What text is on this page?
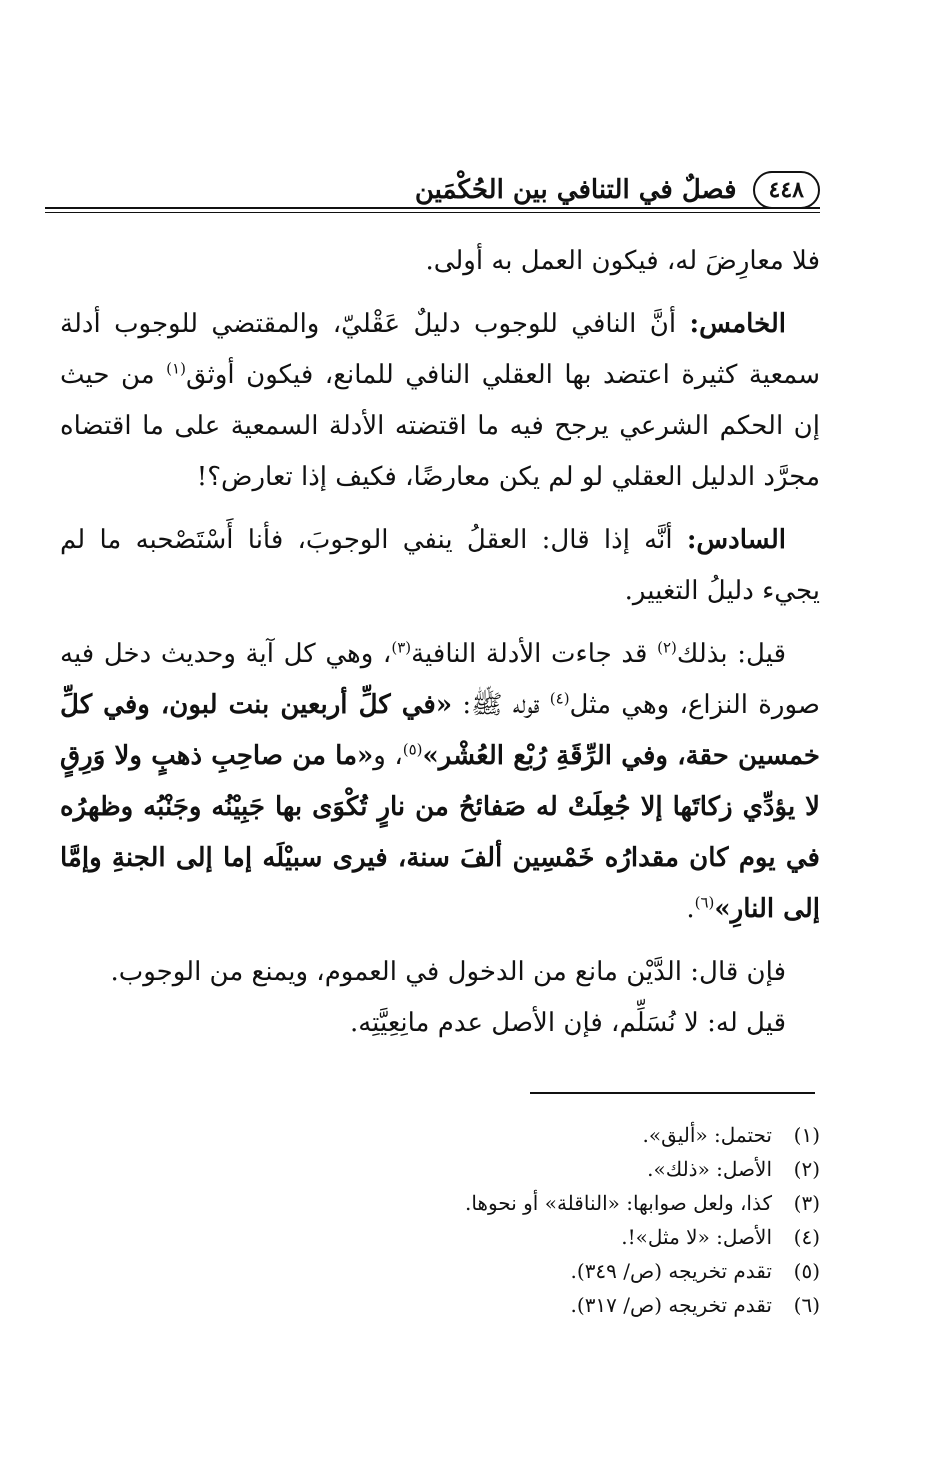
٤٤٨
فصلٌ في التنافي بين الحُكْمَين

فلا معارِضَ له، فيكون العمل به أولى.

الخامس: أنَّ النافي للوجوب دليلٌ عَقْليّ، والمقتضي للوجوب أدلة سمعية كثيرة اعتضد بها العقلي النافي للمانع، فيكون أوثق$^{(١)}$ من حيث إن الحكم الشرعي يرجح فيه ما اقتضته الأدلة السمعية على ما اقتضاه مجرَّد الدليل العقلي لو لم يكن معارضًا، فكيف إذا تعارض؟!

السادس: أنَّه إذا قال: العقلُ ينفي الوجوبَ، فأنا أَسْتَصْحبه ما لم يجيء دليلُ التغيير.

قيل: بذلك$^{(٢)}$ قد جاءت الأدلة النافية$^{(٣)}$، وهي كل آية وحديث دخل فيه صورة النزاع، وهي مثل$^{(٤)}$ قوله ﷺ: «في كلِّ أربعين بنت لبون، وفي كلِّ خمسين حقة، وفي الرِّقَةِ رُبْع العُشْر»$^{(٥)}$، و«ما من صاحِبِ ذهبٍ ولا وَرِقٍ لا يؤدِّي زكاتَها إلا جُعِلَتْ له صَفائحُ من نارٍ تُكْوَى بها جَبِيْنُه وجَنْبُه وظهرُه في يوم كان مقدارُه خَمْسِين ألفَ سنة، فيرى سبيْلَه إما إلى الجنةِ وإمَّا إلى النارِ»$^{(٦)}$.

فإن قال: الدَّيْن مانع من الدخول في العموم، ويمنع من الوجوب.

قيل له: لا نُسَلِّم، فإن الأصل عدم مانِعِيَّتِه.

(١)
تحتمل: «أليق».
(٢)
الأصل: «ذلك».
(٣)
كذا، ولعل صوابها: «الناقلة» أو نحوها.
(٤)
الأصل: «لا مثل»!.
(٥)
تقدم تخريجه (ص/ ٣٤٩).
(٦)
تقدم تخريجه (ص/ ٣١٧).
